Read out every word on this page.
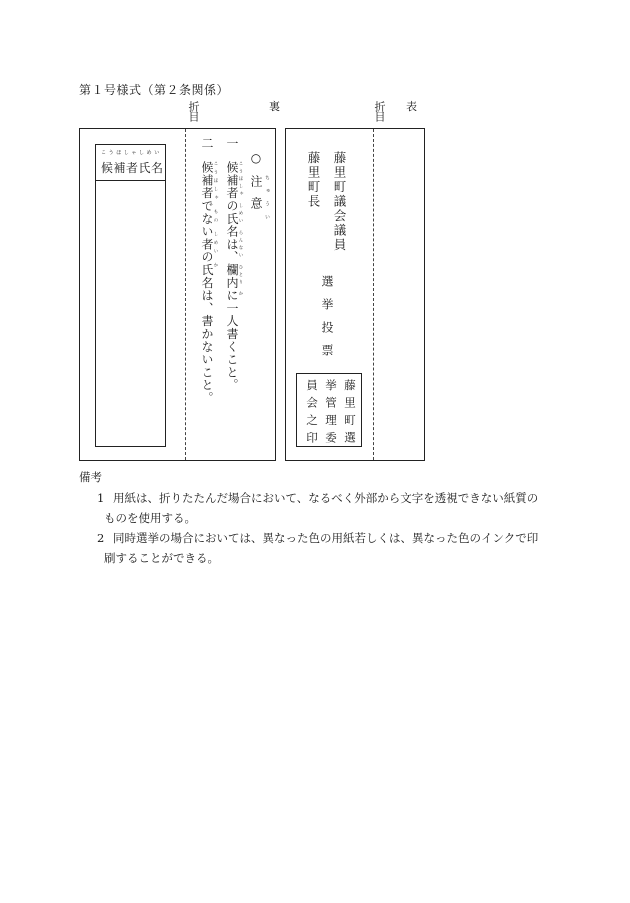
第１号様式（第２条関係）
折目	裏	折目 表
こうほしゃしめい
候補者氏名	○注意 ちゅうい
一
候補者の氏名は、欄内に一人書くこと。 こうほしゃ しめい らんない ひとり か
二
候補者でない者の氏名は、書かないこと。 こうほしゃ もの しめい か	藤里町議会議員
藤里町長
選挙投票
藤里町選
挙管理委
員会之印
備考
1 用紙は、折りたたんだ場合において、なるべく外部から文字を透視できない紙質の
ものを使用する。
2 同時選挙の場合においては、異なった色の用紙若しくは、異なった色のインクで印
刷することができる。
